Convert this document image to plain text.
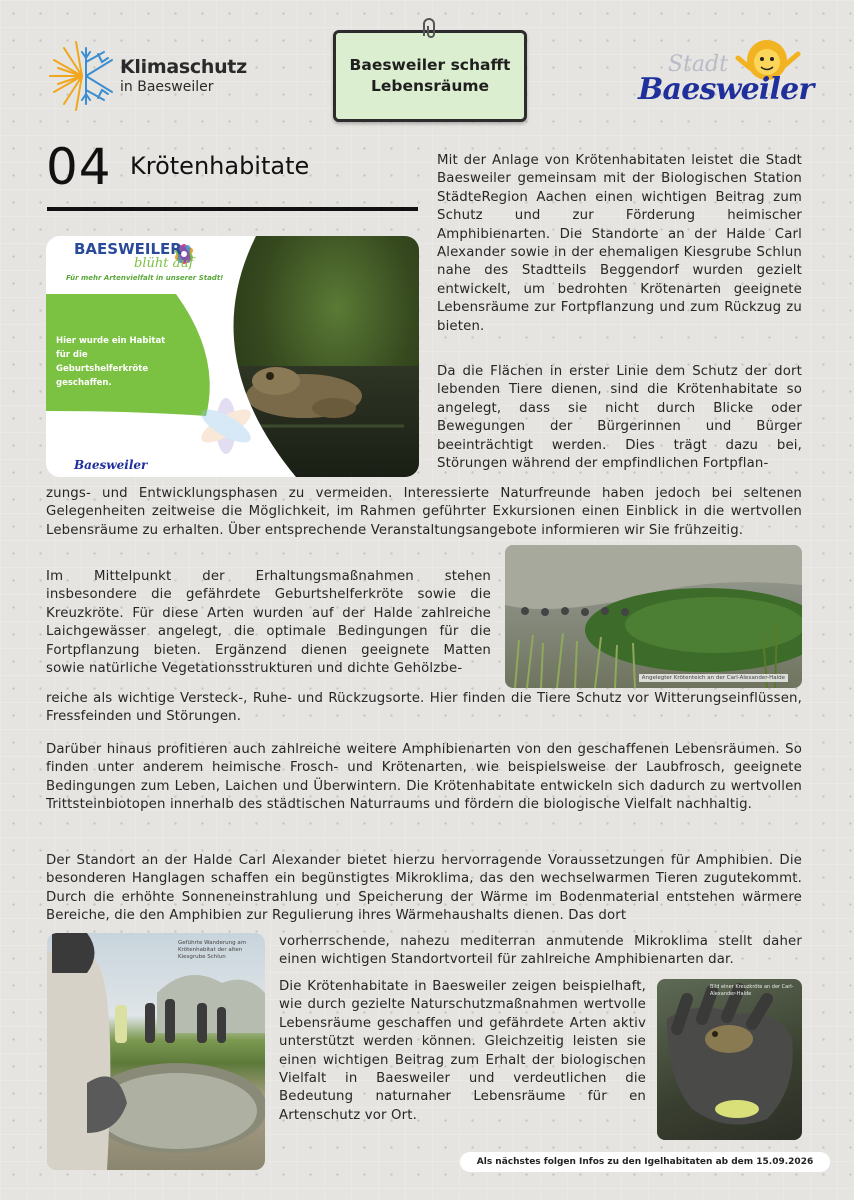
Klimaschutz
in Baesweiler
Baesweiler schafft
Lebensräume
Stadt
Baesweiler
04 Krötenhabitate
BAESWEILER
blüht auf
Für mehr Artenvielfalt in unserer Stadt!
Hier wurde ein Habitat für die Geburtshelferkröte geschaffen.
Baesweiler
Mit der Anlage von Krötenhabitaten leistet die Stadt Baesweiler gemeinsam mit der Biologischen Station StädteRegion Aachen einen wichtigen Beitrag zum Schutz und zur Förderung heimischer Amphibienarten. Die Standorte an der Halde Carl Alexander sowie in der ehemaligen Kiesgrube Schlun nahe des Stadtteils Beggendorf wurden gezielt entwickelt, um bedrohten Krötenarten geeignete Lebensräume zur Fortpflanzung und zum Rückzug zu bieten.
Da die Flächen in erster Linie dem Schutz der dort
lebenden Tiere dienen, sind die Krötenhabitate so
angelegt, dass sie nicht durch Blicke oder
Bewegungen der Bürgerinnen und Bürger
beeinträchtigt werden. Dies trägt dazu bei,
Störungen während der empfindlichen Fortpflan-
zungs- und Entwicklungsphasen zu vermeiden. Interessierte Naturfreunde haben jedoch bei seltenen Gelegenheiten zeitweise die Möglichkeit, im Rahmen geführter Exkursionen einen Einblick in die wertvollen Lebensräume zu erhalten. Über entsprechende Veranstaltungsangebote informieren wir Sie frühzeitig.
Angelegter Krötenteich an der Carl-Alexander-Halde
Im Mittelpunkt der Erhaltungsmaßnahmen stehen
insbesondere die gefährdete Geburtshelferkröte sowie die
Kreuzkröte. Für diese Arten wurden auf der Halde zahlreiche
Laichgewässer angelegt, die optimale Bedingungen für die
Fortpflanzung bieten. Ergänzend dienen geeignete Matten
sowie natürliche Vegetationsstrukturen und dichte Gehölzbe-
reiche als wichtige Versteck-, Ruhe- und Rückzugsorte. Hier finden die Tiere Schutz vor Witterungseinflüssen, Fressfeinden und Störungen.
Darüber hinaus profitieren auch zahlreiche weitere Amphibienarten von den geschaffenen Lebensräumen. So finden unter anderem heimische Frosch- und Krötenarten, wie beispielsweise der Laubfrosch, geeignete Bedingungen zum Leben, Laichen und Überwintern. Die Krötenhabitate entwickeln sich dadurch zu wertvollen Trittsteinbiotopen innerhalb des städtischen Naturraums und fördern die biologische Vielfalt nachhaltig.
Der Standort an der Halde Carl Alexander bietet hierzu hervorragende Voraussetzungen für Amphibien. Die besonderen Hanglagen schaffen ein begünstigtes Mikroklima, das den wechselwarmen Tieren zugutekommt. Durch die erhöhte Sonneneinstrahlung und Speicherung der Wärme im Bodenmaterial entstehen wärmere Bereiche, die den Amphibien zur Regulierung ihres Wärmehaushalts dienen. Das dort
vorherrschende, nahezu mediterran anmutende Mikroklima stellt daher einen wichtigen Standortvorteil für zahlreiche Amphibienarten dar.
Geführte Wanderung am Krötenhabitat der alten Kiesgrube Schlun
Die Krötenhabitate in Baesweiler zeigen beispielhaft, wie durch gezielte Naturschutzmaßnahmen wertvolle Lebensräume geschaffen und gefährdete Arten aktiv unterstützt werden können. Gleichzeitig leisten sie einen wichtigen Beitrag zum Erhalt der biologischen Vielfalt in Baesweiler und verdeutlichen die Bedeutung naturnaher Lebensräume für en Artenschutz vor Ort.
Bild einer Kreuzkröte an der Carl-Alexander-Halde
Als nächstes folgen Infos zu den Igelhabitaten ab dem 15.09.2026
